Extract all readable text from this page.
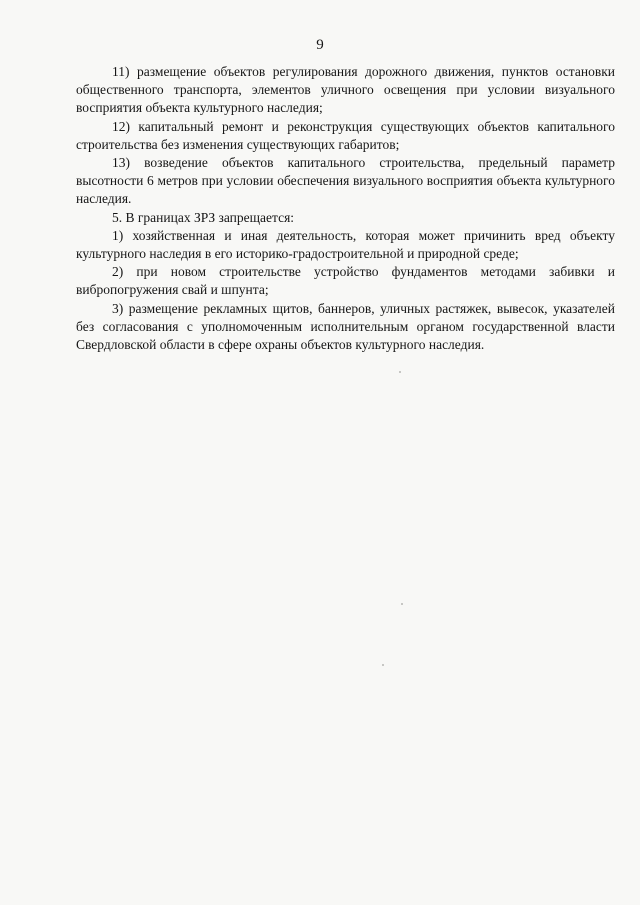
9

11) размещение объектов регулирования дорожного движения, пунктов остановки общественного транспорта, элементов уличного освещения при условии визуального восприятия объекта культурного наследия;

12) капитальный ремонт и реконструкция существующих объектов капитального строительства без изменения существующих габаритов;

13) возведение объектов капитального строительства, предельный параметр высотности 6 метров при условии обеспечения визуального восприятия объекта культурного наследия.

5. В границах ЗРЗ запрещается:

1) хозяйственная и иная деятельность, которая может причинить вред объекту культурного наследия в его историко-градостроительной и природной среде;

2) при новом строительстве устройство фундаментов методами забивки и вибропогружения свай и шпунта;

3) размещение рекламных щитов, баннеров, уличных растяжек, вывесок, указателей без согласования с уполномоченным исполнительным органом государственной власти Свердловской области в сфере охраны объектов культурного наследия.
